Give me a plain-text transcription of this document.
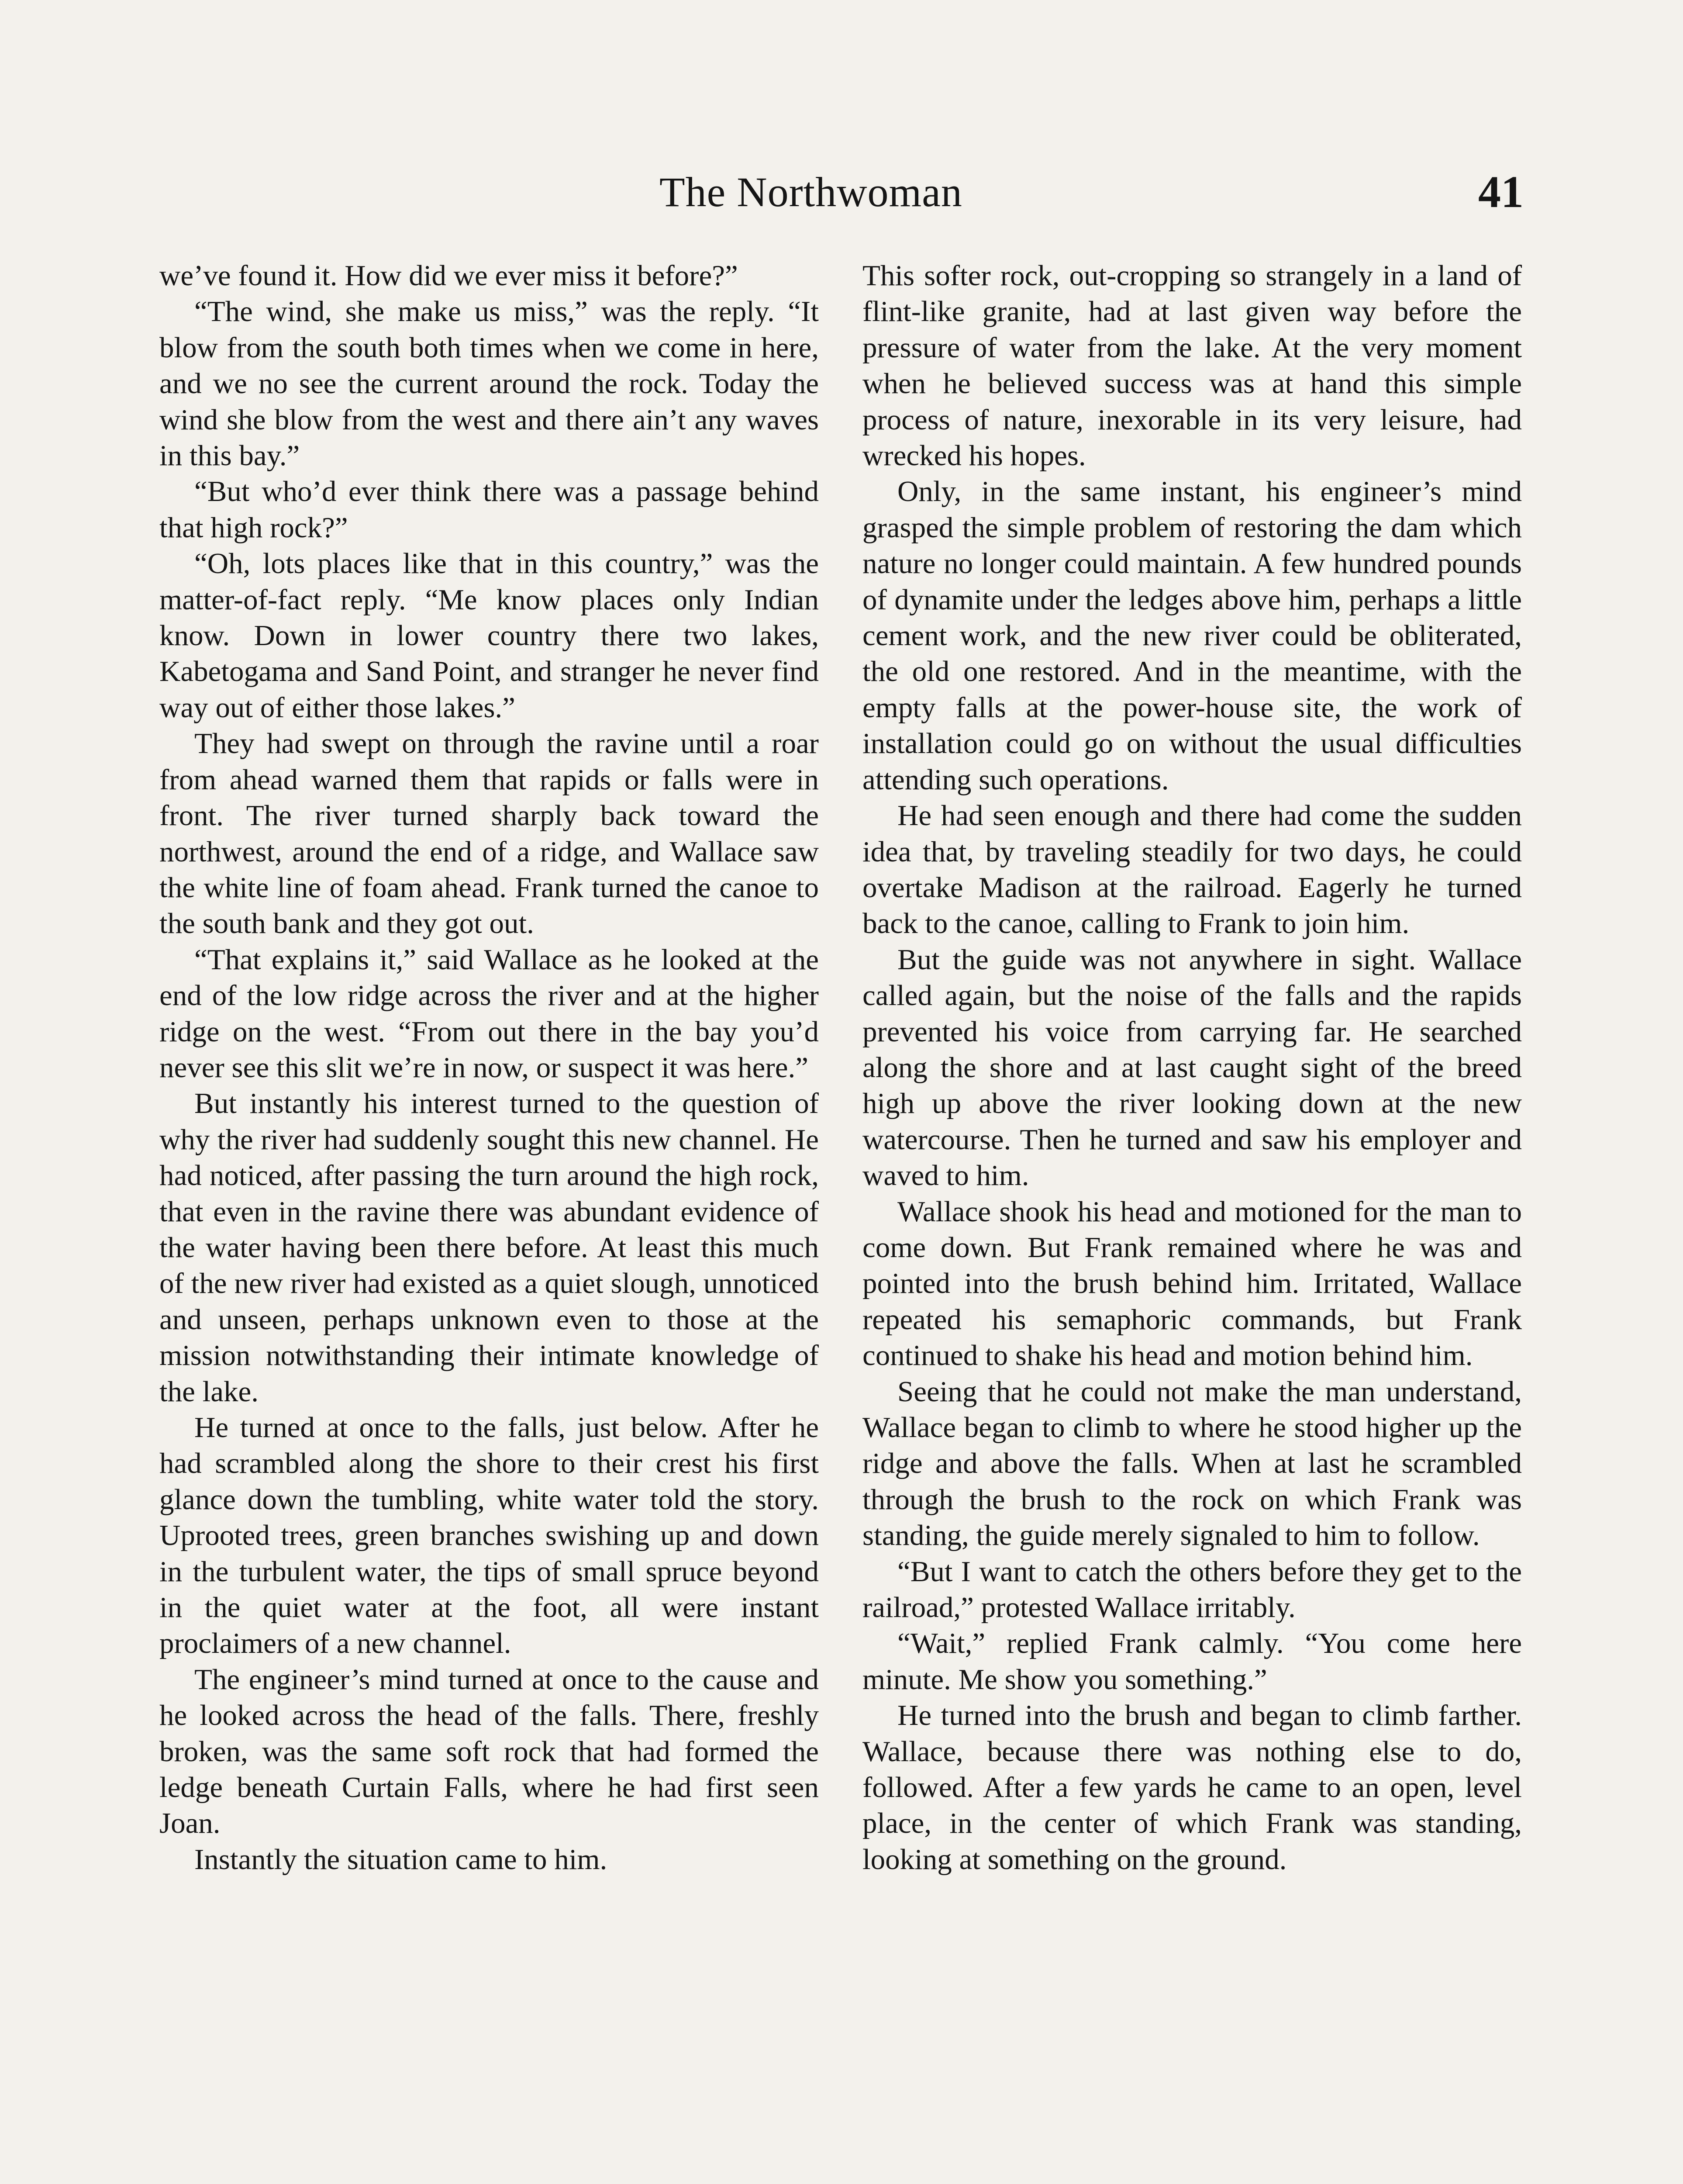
The Northwoman	41

we’ve found it. How did we ever miss it before?”

“The wind, she make us miss,” was the reply. “It blow from the south both times when we come in here, and we no see the current around the rock. Today the wind she blow from the west and there ain’t any waves in this bay.”

“But who’d ever think there was a passage behind that high rock?”

“Oh, lots places like that in this country,” was the matter-of-fact reply. “Me know places only Indian know. Down in lower country there two lakes, Kabetogama and Sand Point, and stranger he never find way out of either those lakes.”

They had swept on through the ravine until a roar from ahead warned them that rapids or falls were in front. The river turned sharply back toward the northwest, around the end of a ridge, and Wallace saw the white line of foam ahead. Frank turned the canoe to the south bank and they got out.

“That explains it,” said Wallace as he looked at the end of the low ridge across the river and at the higher ridge on the west. “From out there in the bay you’d never see this slit we’re in now, or suspect it was here.”

But instantly his interest turned to the question of why the river had suddenly sought this new channel. He had noticed, after passing the turn around the high rock, that even in the ravine there was abundant evidence of the water having been there before. At least this much of the new river had existed as a quiet slough, unnoticed and unseen, perhaps unknown even to those at the mission notwithstanding their intimate knowledge of the lake.

He turned at once to the falls, just below. After he had scrambled along the shore to their crest his first glance down the tumbling, white water told the story. Uprooted trees, green branches swishing up and down in the turbulent water, the tips of small spruce beyond in the quiet water at the foot, all were instant proclaimers of a new channel.

The engineer’s mind turned at once to the cause and he looked across the head of the falls. There, freshly broken, was the same soft rock that had formed the ledge beneath Curtain Falls, where he had first seen Joan.

Instantly the situation came to him.

This softer rock, out-cropping so strangely in a land of flint-like granite, had at last given way before the pressure of water from the lake. At the very moment when he believed success was at hand this simple process of nature, inexorable in its very leisure, had wrecked his hopes.

Only, in the same instant, his engineer’s mind grasped the simple problem of restoring the dam which nature no longer could maintain. A few hundred pounds of dynamite under the ledges above him, perhaps a little cement work, and the new river could be obliterated, the old one restored. And in the meantime, with the empty falls at the power-house site, the work of installation could go on without the usual difficulties attending such operations.

He had seen enough and there had come the sudden idea that, by traveling steadily for two days, he could overtake Madison at the railroad. Eagerly he turned back to the canoe, calling to Frank to join him.

But the guide was not anywhere in sight. Wallace called again, but the noise of the falls and the rapids prevented his voice from carrying far. He searched along the shore and at last caught sight of the breed high up above the river looking down at the new watercourse. Then he turned and saw his employer and waved to him.

Wallace shook his head and motioned for the man to come down. But Frank remained where he was and pointed into the brush behind him. Irritated, Wallace repeated his semaphoric commands, but Frank continued to shake his head and motion behind him.

Seeing that he could not make the man understand, Wallace began to climb to where he stood higher up the ridge and above the falls. When at last he scrambled through the brush to the rock on which Frank was standing, the guide merely signaled to him to follow.

“But I want to catch the others before they get to the railroad,” protested Wallace irritably.

“Wait,” replied Frank calmly. “You come here minute. Me show you something.”

He turned into the brush and began to climb farther. Wallace, because there was nothing else to do, followed. After a few yards he came to an open, level place, in the center of which Frank was standing, looking at something on the ground.
